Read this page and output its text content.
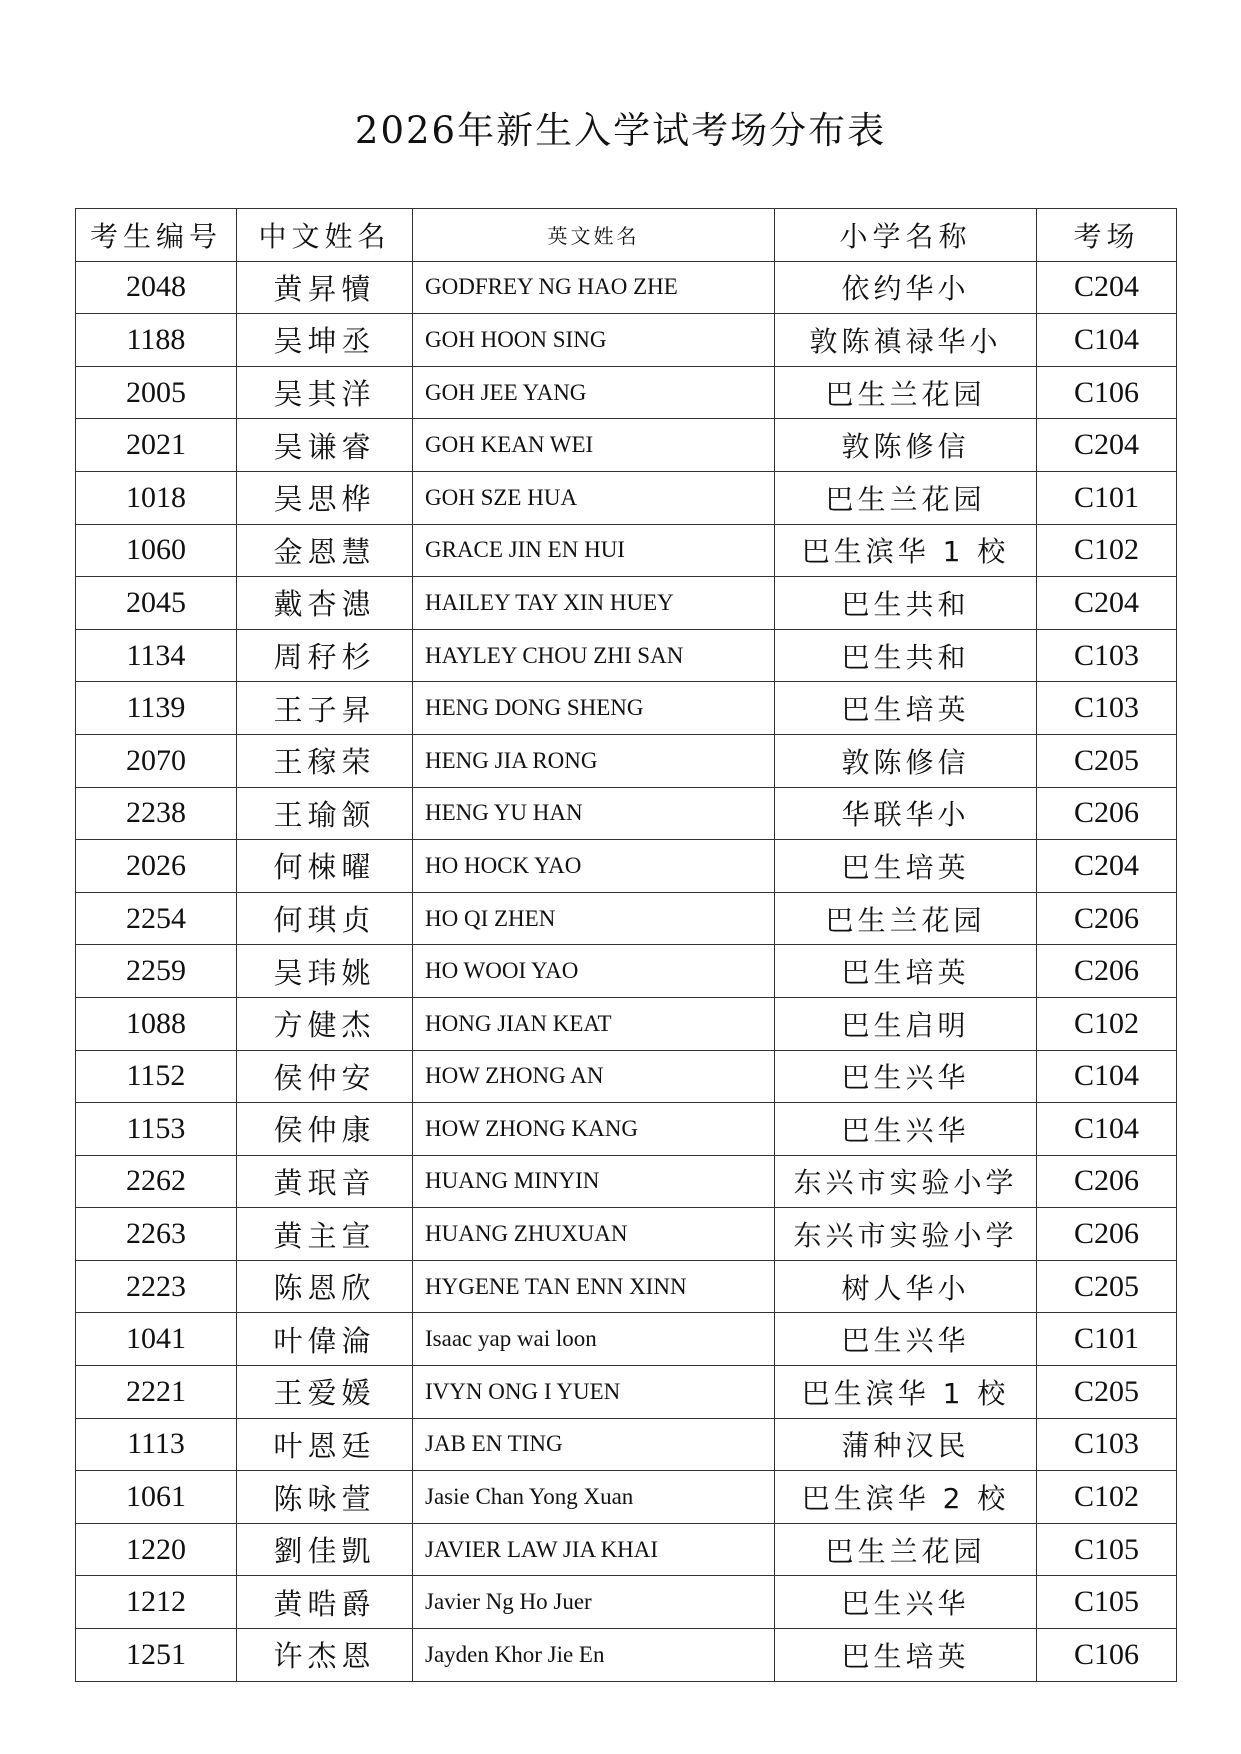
2026年新生入学试考场分布表
考生编号	中文姓名	英文姓名	小学名称	考场
2048	黄昇犢	GODFREY NG HAO ZHE	依约华小	C204
1188	吴坤丞	GOH HOON SING	敦陈禛禄华小	C104
2005	吴其洋	GOH JEE YANG	巴生兰花园	C106
2021	吴谦睿	GOH KEAN WEI	敦陈修信	C204
1018	吴思桦	GOH SZE HUA	巴生兰花园	C101
1060	金恩慧	GRACE JIN EN HUI	巴生滨华 1 校	C102
2045	戴杏漶	HAILEY TAY XIN HUEY	巴生共和	C204
1134	周秄杉	HAYLEY CHOU ZHI SAN	巴生共和	C103
1139	王子昇	HENG DONG SHENG	巴生培英	C103
2070	王稼荣	HENG JIA RONG	敦陈修信	C205
2238	王瑜颔	HENG YU HAN	华联华小	C206
2026	何梀曜	HO HOCK YAO	巴生培英	C204
2254	何琪贞	HO QI ZHEN	巴生兰花园	C206
2259	吴玮姚	HO WOOI YAO	巴生培英	C206
1088	方健杰	HONG JIAN KEAT	巴生启明	C102
1152	侯仲安	HOW ZHONG AN	巴生兴华	C104
1153	侯仲康	HOW ZHONG KANG	巴生兴华	C104
2262	黄珉音	HUANG MINYIN	东兴市实验小学	C206
2263	黄主宣	HUANG ZHUXUAN	东兴市实验小学	C206
2223	陈恩欣	HYGENE TAN ENN XINN	树人华小	C205
1041	叶偉淪	Isaac yap wai loon	巴生兴华	C101
2221	王爱媛	IVYN ONG I YUEN	巴生滨华 1 校	C205
1113	叶恩廷	JAB EN TING	蒲种汉民	C103
1061	陈咏萱	Jasie Chan Yong Xuan	巴生滨华 2 校	C102
1220	劉佳凱	JAVIER LAW JIA KHAI	巴生兰花园	C105
1212	黄晧爵	Javier Ng Ho Juer	巴生兴华	C105
1251	许杰恩	Jayden Khor Jie En	巴生培英	C106
